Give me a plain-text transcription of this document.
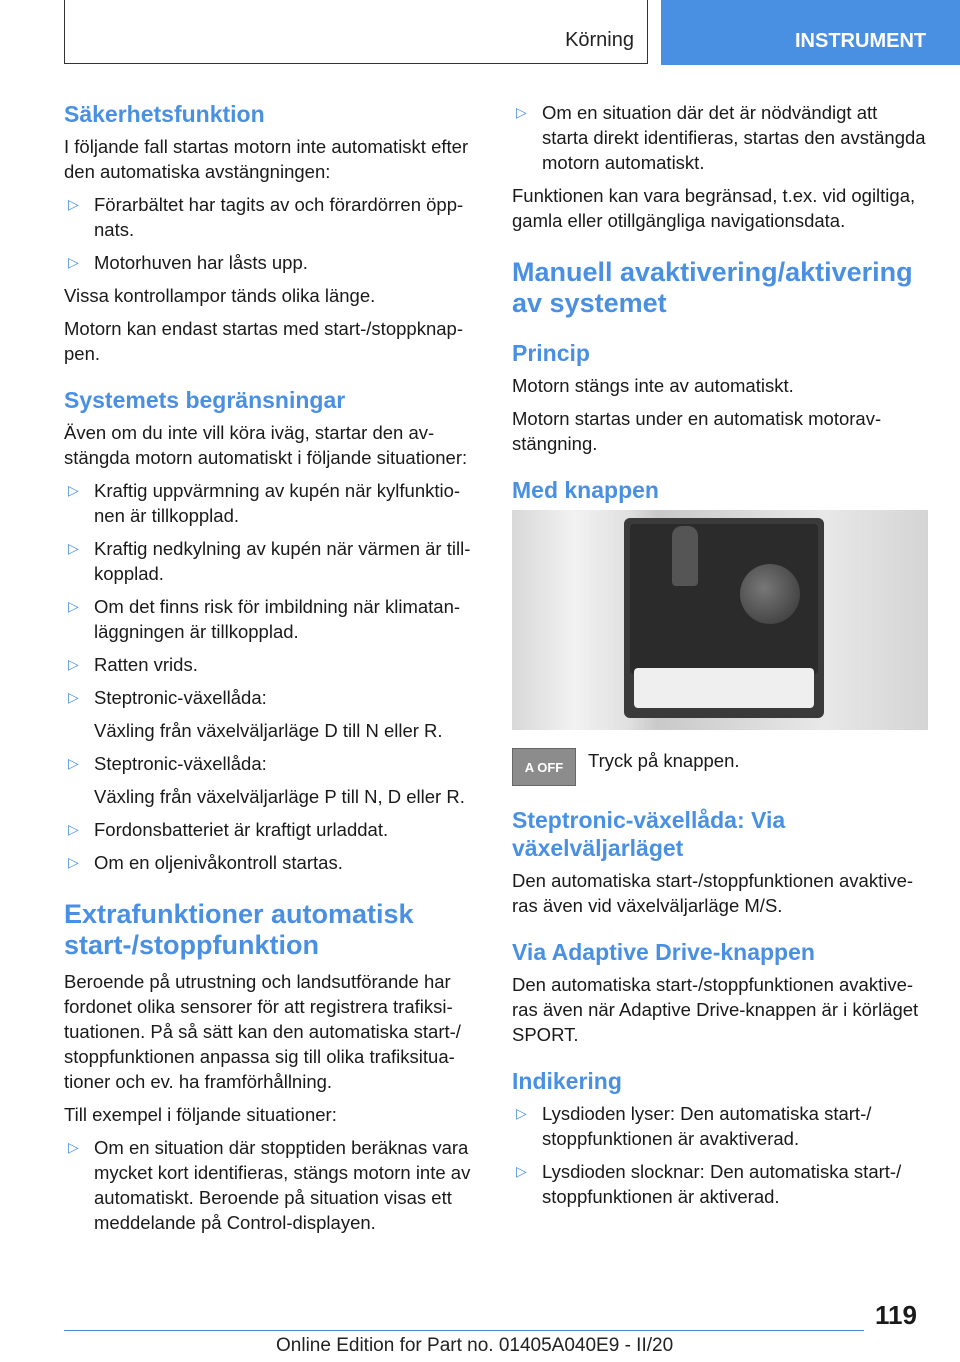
Körning	INSTRUMENT
Säkerhetsfunktion

I följande fall startas motorn inte automatiskt efter den automatiska avstängningen:

▷ Förarbältet har tagits av och förardörren öppnats.
▷ Motorhuven har låsts upp.

Vissa kontrollampor tänds olika länge.

Motorn kan endast startas med start-/stoppknappen.

Systemets begränsningar

Även om du inte vill köra iväg, startar den avstängda motorn automatiskt i följande situationer:

▷ Kraftig uppvärmning av kupén när kylfunktionen är tillkopplad.
▷ Kraftig nedkylning av kupén när värmen är tillkopplad.
▷ Om det finns risk för imbildning när klimatanläggningen är tillkopplad.
▷ Ratten vrids.
▷ Steptronic-växellåda:
Växling från växelväljarläge D till N eller R.
▷ Steptronic-växellåda:
Växling från växelväljarläge P till N, D eller R.
▷ Fordonsbatteriet är kraftigt urladdat.
▷ Om en oljenivåkontroll startas.
Extrafunktioner automatisk start-/stoppfunktion

Beroende på utrustning och landsutförande har fordonet olika sensorer för att registrera trafiksituationen. På så sätt kan den automatiska start-/ stoppfunktionen anpassa sig till olika trafiksituationer och ev. ha framförhållning.

Till exempel i följande situationer:

▷ Om en situation där stopptiden beräknas vara mycket kort identifieras, stängs motorn inte av automatiskt. Beroende på situation visas ett meddelande på Control-displayen.
▷ Om en situation där det är nödvändigt att starta direkt identifieras, startas den avstängda motorn automatiskt.

Funktionen kan vara begränsad, t.ex. vid ogiltiga, gamla eller otillgängliga navigationsdata.

Manuell avaktivering/aktivering av systemet
Princip

Motorn stängs inte av automatiskt.

Motorn startas under en automatisk motoravstängning.

Med knappen
A OFF	Tryck på knappen.

Steptronic-växellåda: Via växelväljarläget

Den automatiska start-/stoppfunktionen avaktiveras även vid växelväljarläge M/S.

Via Adaptive Drive-knappen

Den automatiska start-/stoppfunktionen avaktiveras även när Adaptive Drive-knappen är i körläget SPORT.

Indikering
▷ Lysdioden lyser: Den automatiska start-/ stoppfunktionen är avaktiverad.
▷ Lysdioden slocknar: Den automatiska start-/ stoppfunktionen är aktiverad.
119
Online Edition for Part no. 01405A040E9 - II/20
